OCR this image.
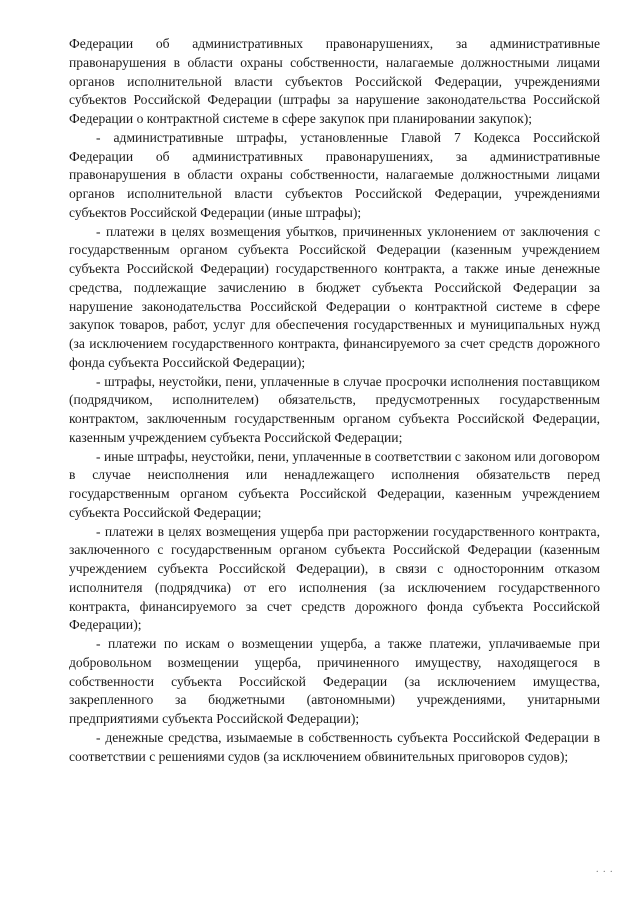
Федерации об административных правонарушениях, за административные правонарушения в области охраны собственности, налагаемые должностными лицами органов исполнительной власти субъектов Российской Федерации, учреждениями субъектов Российской Федерации (штрафы за нарушение законодательства Российской Федерации о контрактной системе в сфере закупок при планировании закупок);

- административные штрафы, установленные Главой 7 Кодекса Российской Федерации об административных правонарушениях, за административные правонарушения в области охраны собственности, налагаемые должностными лицами органов исполнительной власти субъектов Российской Федерации, учреждениями субъектов Российской Федерации (иные штрафы);

- платежи в целях возмещения убытков, причиненных уклонением от заключения с государственным органом субъекта Российской Федерации (казенным учреждением субъекта Российской Федерации) государственного контракта, а также иные денежные средства, подлежащие зачислению в бюджет субъекта Российской Федерации за нарушение законодательства Российской Федерации о контрактной системе в сфере закупок товаров, работ, услуг для обеспечения государственных и муниципальных нужд (за исключением государственного контракта, финансируемого за счет средств дорожного фонда субъекта Российской Федерации);

- штрафы, неустойки, пени, уплаченные в случае просрочки исполнения поставщиком (подрядчиком, исполнителем) обязательств, предусмотренных государственным контрактом, заключенным государственным органом субъекта Российской Федерации, казенным учреждением субъекта Российской Федерации;

- иные штрафы, неустойки, пени, уплаченные в соответствии с законом или договором в случае неисполнения или ненадлежащего исполнения обязательств перед государственным органом субъекта Российской Федерации, казенным учреждением субъекта Российской Федерации;

- платежи в целях возмещения ущерба при расторжении государственного контракта, заключенного с государственным органом субъекта Российской Федерации (казенным учреждением субъекта Российской Федерации), в связи с односторонним отказом исполнителя (подрядчика) от его исполнения (за исключением государственного контракта, финансируемого за счет средств дорожного фонда субъекта Российской Федерации);

- платежи по искам о возмещении ущерба, а также платежи, уплачиваемые при добровольном возмещении ущерба, причиненного имуществу, находящегося в собственности субъекта Российской Федерации (за исключением имущества, закрепленного за бюджетными (автономными) учреждениями, унитарными предприятиями субъекта Российской Федерации);

- денежные средства, изымаемые в собственность субъекта Российской Федерации в соответствии с решениями судов (за исключением обвинительных приговоров судов);

. . .
